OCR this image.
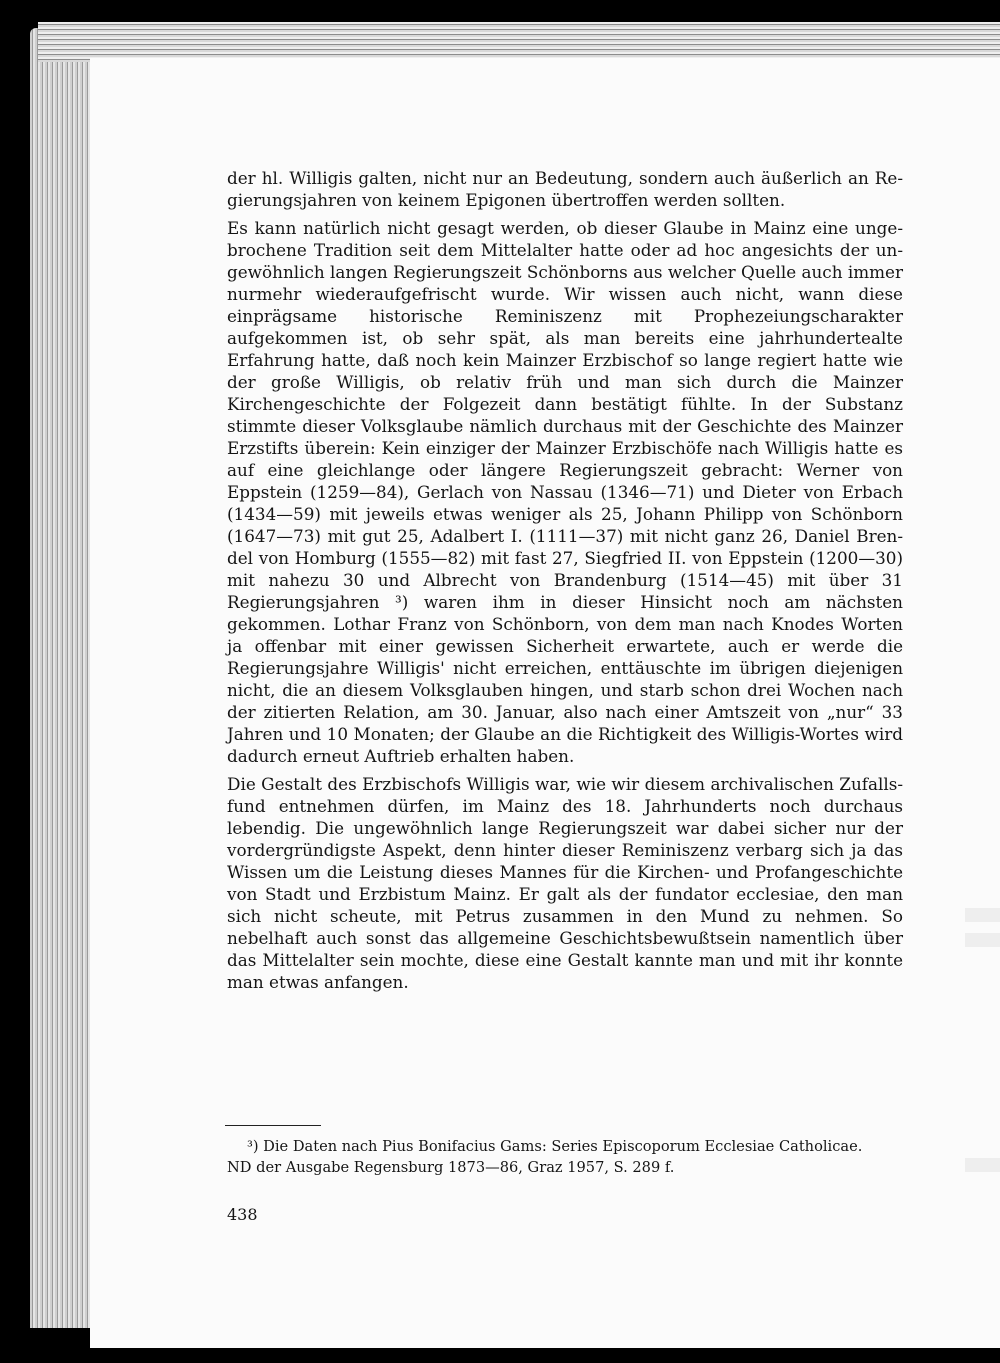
der hl. Willigis galten, nicht nur an Bedeutung, sondern auch äußerlich an Regierungsjahren von keinem Epigonen übertroffen werden sollten.

Es kann natürlich nicht gesagt werden, ob dieser Glaube in Mainz eine ungebrochene Tradition seit dem Mittelalter hatte oder ad hoc angesichts der ungewöhnlich langen Regierungszeit Schönborns aus welcher Quelle auch immer nurmehr wiederaufgefrischt wurde. Wir wissen auch nicht, wann diese einprägsame historische Reminiszenz mit Prophezeiungscharakter aufgekommen ist, ob sehr spät, als man bereits eine jahrhundertealte Erfahrung hatte, daß noch kein Mainzer Erzbischof so lange regiert hatte wie der große Willigis, ob relativ früh und man sich durch die Mainzer Kirchengeschichte der Folgezeit dann bestätigt fühlte. In der Substanz stimmte dieser Volksglaube nämlich durchaus mit der Geschichte des Mainzer Erzstifts überein: Kein einziger der Mainzer Erzbischöfe nach Willigis hatte es auf eine gleichlange oder längere Regierungszeit gebracht: Werner von Eppstein (1259—84), Gerlach von Nassau (1346—71) und Dieter von Erbach (1434—59) mit jeweils etwas weniger als 25, Johann Philipp von Schönborn (1647—73) mit gut 25, Adalbert I. (1111—37) mit nicht ganz 26, Daniel Brendel von Homburg (1555—82) mit fast 27, Siegfried II. von Eppstein (1200—30) mit nahezu 30 und Albrecht von Brandenburg (1514—45) mit über 31 Regierungsjahren ³) waren ihm in dieser Hinsicht noch am nächsten gekommen. Lothar Franz von Schönborn, von dem man nach Knodes Worten ja offenbar mit einer gewissen Sicherheit erwartete, auch er werde die Regierungsjahre Willigis' nicht erreichen, enttäuschte im übrigen diejenigen nicht, die an diesem Volksglauben hingen, und starb schon drei Wochen nach der zitierten Relation, am 30. Januar, also nach einer Amtszeit von „nur“ 33 Jahren und 10 Monaten; der Glaube an die Richtigkeit des Willigis-Wortes wird dadurch erneut Auftrieb erhalten haben.

Die Gestalt des Erzbischofs Willigis war, wie wir diesem archivalischen Zufallsfund entnehmen dürfen, im Mainz des 18. Jahrhunderts noch durchaus lebendig. Die ungewöhnlich lange Regierungszeit war dabei sicher nur der vordergründigste Aspekt, denn hinter dieser Reminiszenz verbarg sich ja das Wissen um die Leistung dieses Mannes für die Kirchen- und Profangeschichte von Stadt und Erzbistum Mainz. Er galt als der fundator ecclesiae, den man sich nicht scheute, mit Petrus zusammen in den Mund zu nehmen. So nebelhaft auch sonst das allgemeine Geschichtsbewußtsein namentlich über das Mittelalter sein mochte, diese eine Gestalt kannte man und mit ihr konnte man etwas anfangen.

³) Die Daten nach Pius Bonifacius Gams: Series Episcoporum Ecclesiae Catholicae.
ND der Ausgabe Regensburg 1873—86, Graz 1957, S. 289 f.
438
